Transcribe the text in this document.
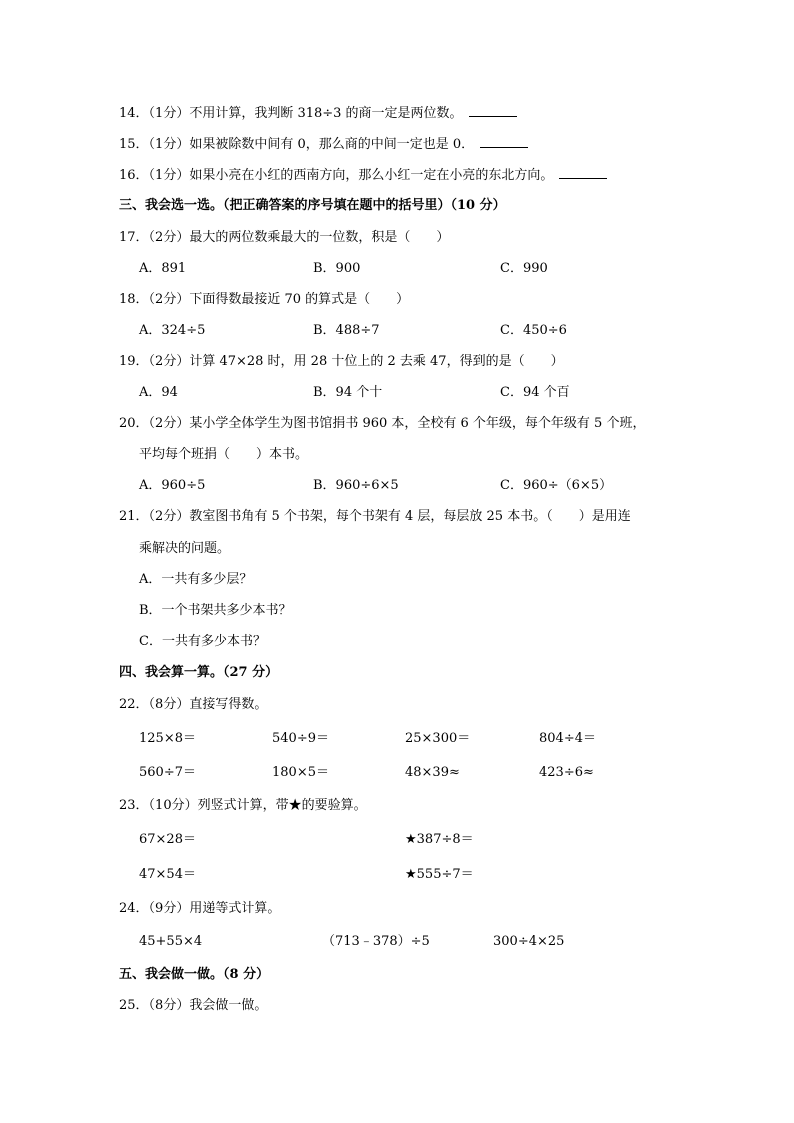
14．（1分）不用计算，我判断 318÷3 的商一定是两位数。
15．（1分）如果被除数中间有 0，那么商的中间一定也是 0．
16．（1分）如果小亮在小红的西南方向，那么小红一定在小亮的东北方向。
三、我会选一选。（把正确答案的序号填在题中的括号里）（10 分）
17．（2分）最大的两位数乘最大的一位数，积是（　　）
A．891	B．900	C．990
18．（2分）下面得数最接近 70 的算式是（　　）
A．324÷5	B．488÷7	C．450÷6
19．（2分）计算 47×28 时，用 28 十位上的 2 去乘 47，得到的是（　　）
A．94	B．94 个十	C．94 个百
20．（2分）某小学全体学生为图书馆捐书 960 本，全校有 6 个年级，每个年级有 5 个班，
平均每个班捐（　　）本书。
A．960÷5	B．960÷6×5	C．960÷（6×5）
21．（2分）教室图书角有 5 个书架，每个书架有 4 层，每层放 25 本书。（　　）是用连
乘解决的问题。
A．一共有多少层？
B．一个书架共多少本书？
C．一共有多少本书？
四、我会算一算。（27 分）
22．（8分）直接写得数。
125×8＝	540÷9＝	25×300＝	804÷4＝
560÷7＝	180×5＝	48×39≈	423÷6≈
23．（10分）列竖式计算，带★的要验算。
67×28＝	★387÷8＝
47×54＝	★555÷7＝
24．（9分）用递等式计算。
45+55×4	（713﹣378）÷5	300÷4×25
五、我会做一做。（8 分）
25．（8分）我会做一做。
